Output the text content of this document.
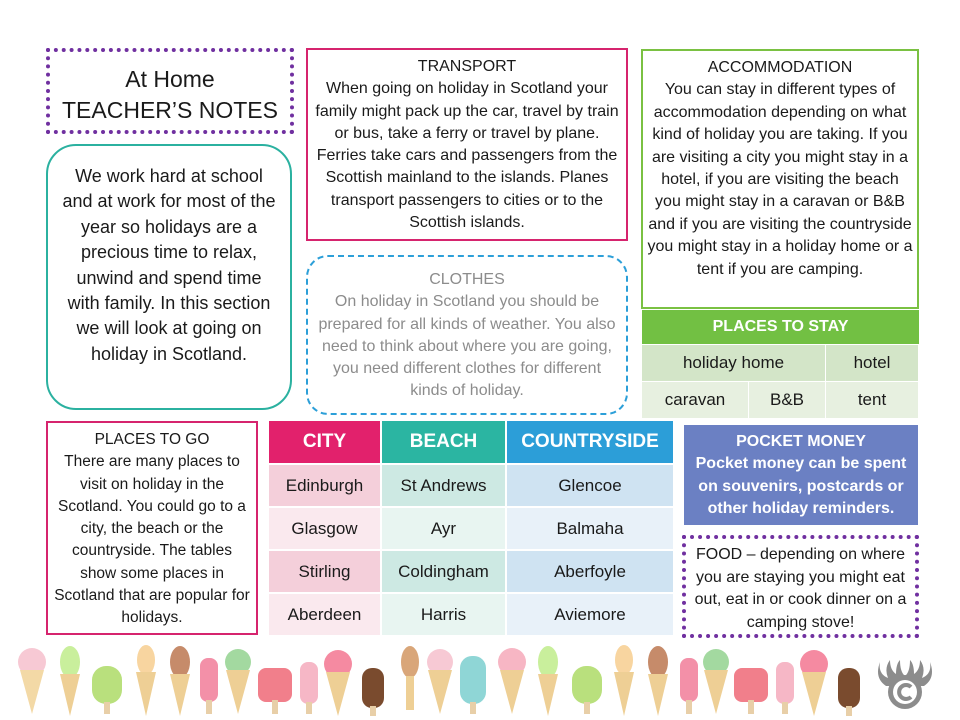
At Home
TEACHER’S NOTES

We work hard at school and at work for most of the year so holidays are a precious time to relax, unwind and spend time with family. In this section we will look at going on holiday in Scotland.

TRANSPORT

When going on holiday in Scotland your family might pack up the car, travel by train or bus, take a ferry or travel by plane. Ferries take cars and passengers from the Scottish mainland to the islands. Planes transport passengers to cities or to the Scottish islands.

ACCOMMODATION

You can stay in different types of accommodation depending on what kind of holiday you are taking. If you are visiting a city you might stay in a hotel, if you are visiting the beach you might stay in a caravan or B&B and if you are visiting the countryside you might stay in a holiday home or a tent if you are camping.

CLOTHES

On holiday in Scotland you should be prepared for all kinds of weather. You also need to think about where you are going, you need different clothes for different kinds of holiday.

PLACES TO STAY
holiday home	hotel
caravan	B&B	tent
PLACES TO GO

There are many places to visit on holiday in the Scotland. You could go to a city, the beach or the countryside. The tables show some places in Scotland that are popular for holidays.

CITY	BEACH	COUNTRYSIDE
Edinburgh	St Andrews	Glencoe
Glasgow	Ayr	Balmaha
Stirling	Coldingham	Aberfoyle
Aberdeen	Harris	Aviemore
POCKET MONEY

Pocket money can be spent on souvenirs, postcards or other holiday reminders.

FOOD – depending on where you are staying you might eat out, eat in or cook dinner on a camping stove!
